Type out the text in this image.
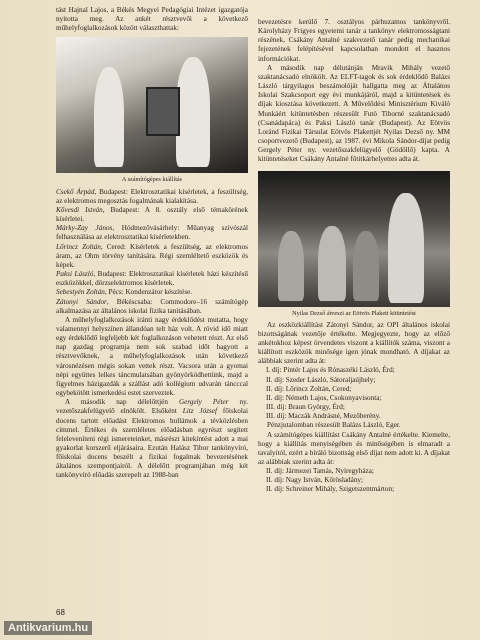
tást Hajnal Lajos, a Békés Megyei Pedagógiai Intézet igazgatója nyitotta meg. Az ankét résztvevői a következő műhelyfoglalkozások között választhattak:

A számítógépes kiállítás

Csekő Árpád, Budapest: Elektrosztatikai kísérletek, a feszültség, az elektromos megosztás fogalmának kialakítása.

Kővesdi István, Budapest: A 8. osztály első témakörének kísérletei.

Márky-Zay János, Hódmezővásárhely: Műanyag szívószál felhasználása az elektrosztatikai kísérletekben.

Lőrincz Zoltán, Cered: Kísérletek a feszültség, az elektromos áram, az Ohm törvény tanítására. Régi szemléltető eszközök és képek.

Paksi László, Budapest: Elektrosztatikai kísérletek házi készítésű eszközökkel, dörzselektromos kísérletek.

Sebestyén Zoltán, Pécs: Kondenzátor készítése.

Zátonyi Sándor, Békéscsaba: Commodore–16 számítógép alkalmazása az általános iskolai fizika tanításában.

A műhelyfoglalkozások iránti nagy érdeklődést mutatta, hogy valamennyi helyszínen állandóan telt ház volt. A rövid idő miatt egy érdeklődő legfeljebb két foglalkozáson vehetett részt. Az első nap gazdag programja nem sok szabad időt hagyott a résztvevőknek, a műhelyfoglalkozások után következő városnézésen mégis sokan vettek részt. Vacsora után a gyomai népi együttes lelkes táncmulatsában gyönyörködhettünk, majd a figyelmes házigazdák a szállást adó kollégium udvarán táncccal egybekötött ismerkedési estet szerveztek.

A második nap délelőttjén Gergely Péter ny. vezetőszakfelügyelő elnökölt. Elsőként Litz József főiskolai docens tartott előadást Elektromos hullámok a tévközlésben címmel. Értékes és szemléletes előadásban egyrészt segített feleleveníteni régi ismereteinket, másrészt kitekintést adott a mai gyakorlat korszerű eljárásaira. Ezután Halász Tibor tankönyvíró, főiskolai docens beszélt a fizikai fogalmak bevezetésének általános szempontjairól. A délelőtt programjában még két tankönyvíró előadás szerepelt az 1988-ban

bevezetésre kerülő 7. osztályos párhuzamos tankönyvről. Károlyházy Frigyes egyetemi tanár a tankönyv elektromosságtani részének, Csákány Antalné szakvezető tanár pedig mechanikai fejezetének felépítésével kapcsolatban mondott el hasznos információkat.

A második nap délutánján Mravik Mihály vezető szaktanácsadó elnökölt. Az ELFT-tagok és sok érdeklődő Balázs László tárgyilagos beszámolóját hallgatta meg az Általános Iskolai Szakcsoport egy évi munkájáról, majd a kitüntetések és díjak kiosztása következett. A Művelődési Minisztérium Kiváló Munkáért kitüntetésben részesült Futó Tiborné szaktanácsadó (Csanádapáca) és Paksi László tanár (Budapest). Az Eötvös Loránd Fizikai Társulat Eötvös Plakettjét Nyilas Dezső ny. MM csoportvezető (Budapest), az 1987. évi Mikola Sándor-díjat pedig Gergely Péter ny. vezetőszakfelügyelő (Gödöllő) kapta. A kitüntetéseket Csákány Antalné főtitkárhelyettes adta át.

Nyilas Dezső átveszi az Eötvös Plakett kitüntetést

Az eszközkiállítást Zátonyi Sándor, az OPI általános iskolai bizottságának vezetője értékelte. Megjegyezte, hogy az előző ankétokhoz képest örvendetes viszont a kiállítók száma, viszont a kiállított eszközök minősége igen jónak mondható. A díjakat az alábbiak szerint adta át:

I. díj: Pintér Lajos és Rónaszéki László, Érd;
II. díj: Szeder László, Sátoraljaújhely;
II. díj: Lőrincz Zoltán, Cered;
II. díj: Németh Lajos, Csokonyavisonta;
III. díj: Braun György, Érd;
III. díj: Maczák Andrásné, Mezőberény.

Pénzjutalomban részesült Balázs László, Eger.

A számítógépes kiállítást Csákány Antalné értékelte. Kiemelte, hogy a kiállítás menyiségében és minőségében is elmaradt a tavalyitól, ezért a bíráló bizottság első díjat nem adott ki. A díjakat az alábbiak szerint adta át:

II. díj: Jármezei Tamás, Nyíregyháza;
II. díj: Nagy István, Kőrösladány;
II. díj: Schreiner Mihály, Szigetszentmárton;
68
Antikvarium.hu
